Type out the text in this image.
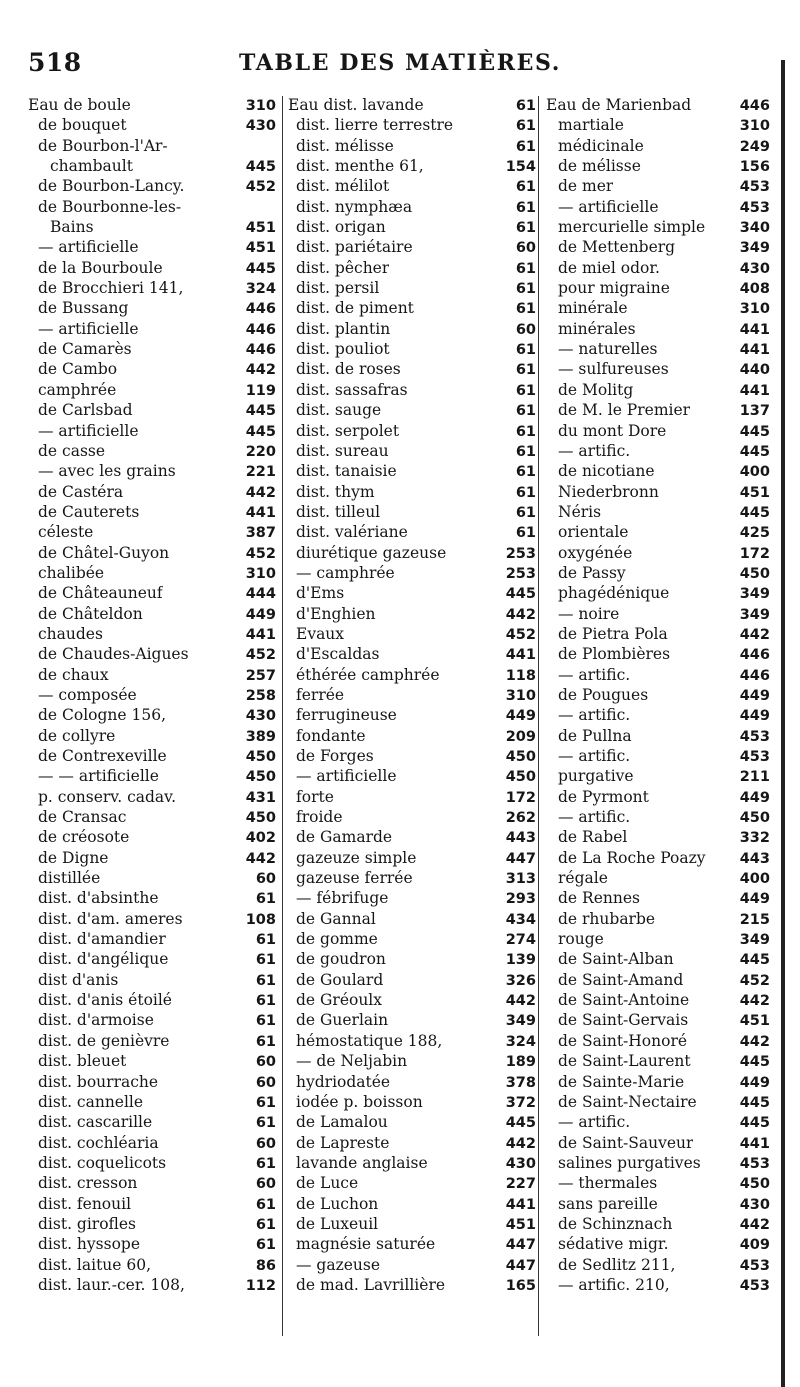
518	TABLE DES MATIÈRES.
Eau de boule	310
de bouquet	430
de Bourbon-l'Ar-
chambault	445
de Bourbon-Lancy.	452
de Bourbonne-les-
Bains	451
— artificielle	451
de la Bourboule	445
de Brocchieri 141,	324
de Bussang	446
— artificielle	446
de Camarès	446
de Cambo	442
camphrée	119
de Carlsbad	445
— artificielle	445
de casse	220
— avec les grains	221
de Castéra	442
de Cauterets	441
céleste	387
de Châtel-Guyon	452
chalibée	310
de Châteauneuf	444
de Châteldon	449
chaudes	441
de Chaudes-Aigues	452
de chaux	257
— composée	258
de Cologne 156,	430
de collyre	389
de Contrexeville	450
— — artificielle	450
p. conserv. cadav.	431
de Cransac	450
de créosote	402
de Digne	442
distillée	60
dist. d'absinthe	61
dist. d'am. ameres	108
dist. d'amandier	61
dist. d'angélique	61
dist d'anis	61
dist. d'anis étoilé	61
dist. d'armoise	61
dist. de genièvre	61
dist. bleuet	60
dist. bourrache	60
dist. cannelle	61
dist. cascarille	61
dist. cochléaria	60
dist. coquelicots	61
dist. cresson	60
dist. fenouil	61
dist. girofles	61
dist. hyssope	61
dist. laitue 60,	86
dist. laur.-cer. 108,	112
Eau dist. lavande	61
dist. lierre terrestre	61
dist. mélisse	61
dist. menthe 61,	154
dist. mélilot	61
dist. nymphæa	61
dist. origan	61
dist. pariétaire	60
dist. pêcher	61
dist. persil	61
dist. de piment	61
dist. plantin	60
dist. pouliot	61
dist. de roses	61
dist. sassafras	61
dist. sauge	61
dist. serpolet	61
dist. sureau	61
dist. tanaisie	61
dist. thym	61
dist. tilleul	61
dist. valériane	61
diurétique gazeuse	253
— camphrée	253
d'Ems	445
d'Enghien	442
Evaux	452
d'Escaldas	441
éthérée camphrée	118
ferrée	310
ferrugineuse	449
fondante	209
de Forges	450
— artificielle	450
forte	172
froide	262
de Gamarde	443
gazeuze simple	447
gazeuse ferrée	313
— fébrifuge	293
de Gannal	434
de gomme	274
de goudron	139
de Goulard	326
de Gréoulx	442
de Guerlain	349
hémostatique 188,	324
— de Neljabin	189
hydriodatée	378
iodée p. boisson	372
de Lamalou	445
de Lapreste	442
lavande anglaise	430
de Luce	227
de Luchon	441
de Luxeuil	451
magnésie saturée	447
— gazeuse	447
de mad. Lavrillière	165
Eau de Marienbad	446
martiale	310
médicinale	249
de mélisse	156
de mer	453
— artificielle	453
mercurielle simple 340
de Mettenberg	349
de miel odor.	430
pour migraine	408
minérale	310
minérales	441
— naturelles	441
— sulfureuses	440
de Molitg	441
de M. le Premier	137
du mont Dore	445
— artific.	445
de nicotiane	400
Niederbronn	451
Néris	445
orientale	425
oxygénée	172
de Passy	450
phagédénique	349
— noire	349
de Pietra Pola	442
de Plombières	446
— artific.	446
de Pougues	449
— artific.	449
de Pullna	453
— artific.	453
purgative	211
de Pyrmont	449
— artific.	450
de Rabel	332
de La Roche Poazy 443
régale	400
de Rennes	449
de rhubarbe	215
rouge	349
de Saint-Alban	445
de Saint-Amand	452
de Saint-Antoine	442
de Saint-Gervais	451
de Saint-Honoré	442
de Saint-Laurent	445
de Sainte-Marie	449
de Saint-Nectaire	445
— artific.	445
de Saint-Sauveur	441
salines purgatives	453
— thermales	450
sans pareille	430
de Schinznach	442
sédative migr.	409
de Sedlitz 211,	453
— artific. 210,	453
